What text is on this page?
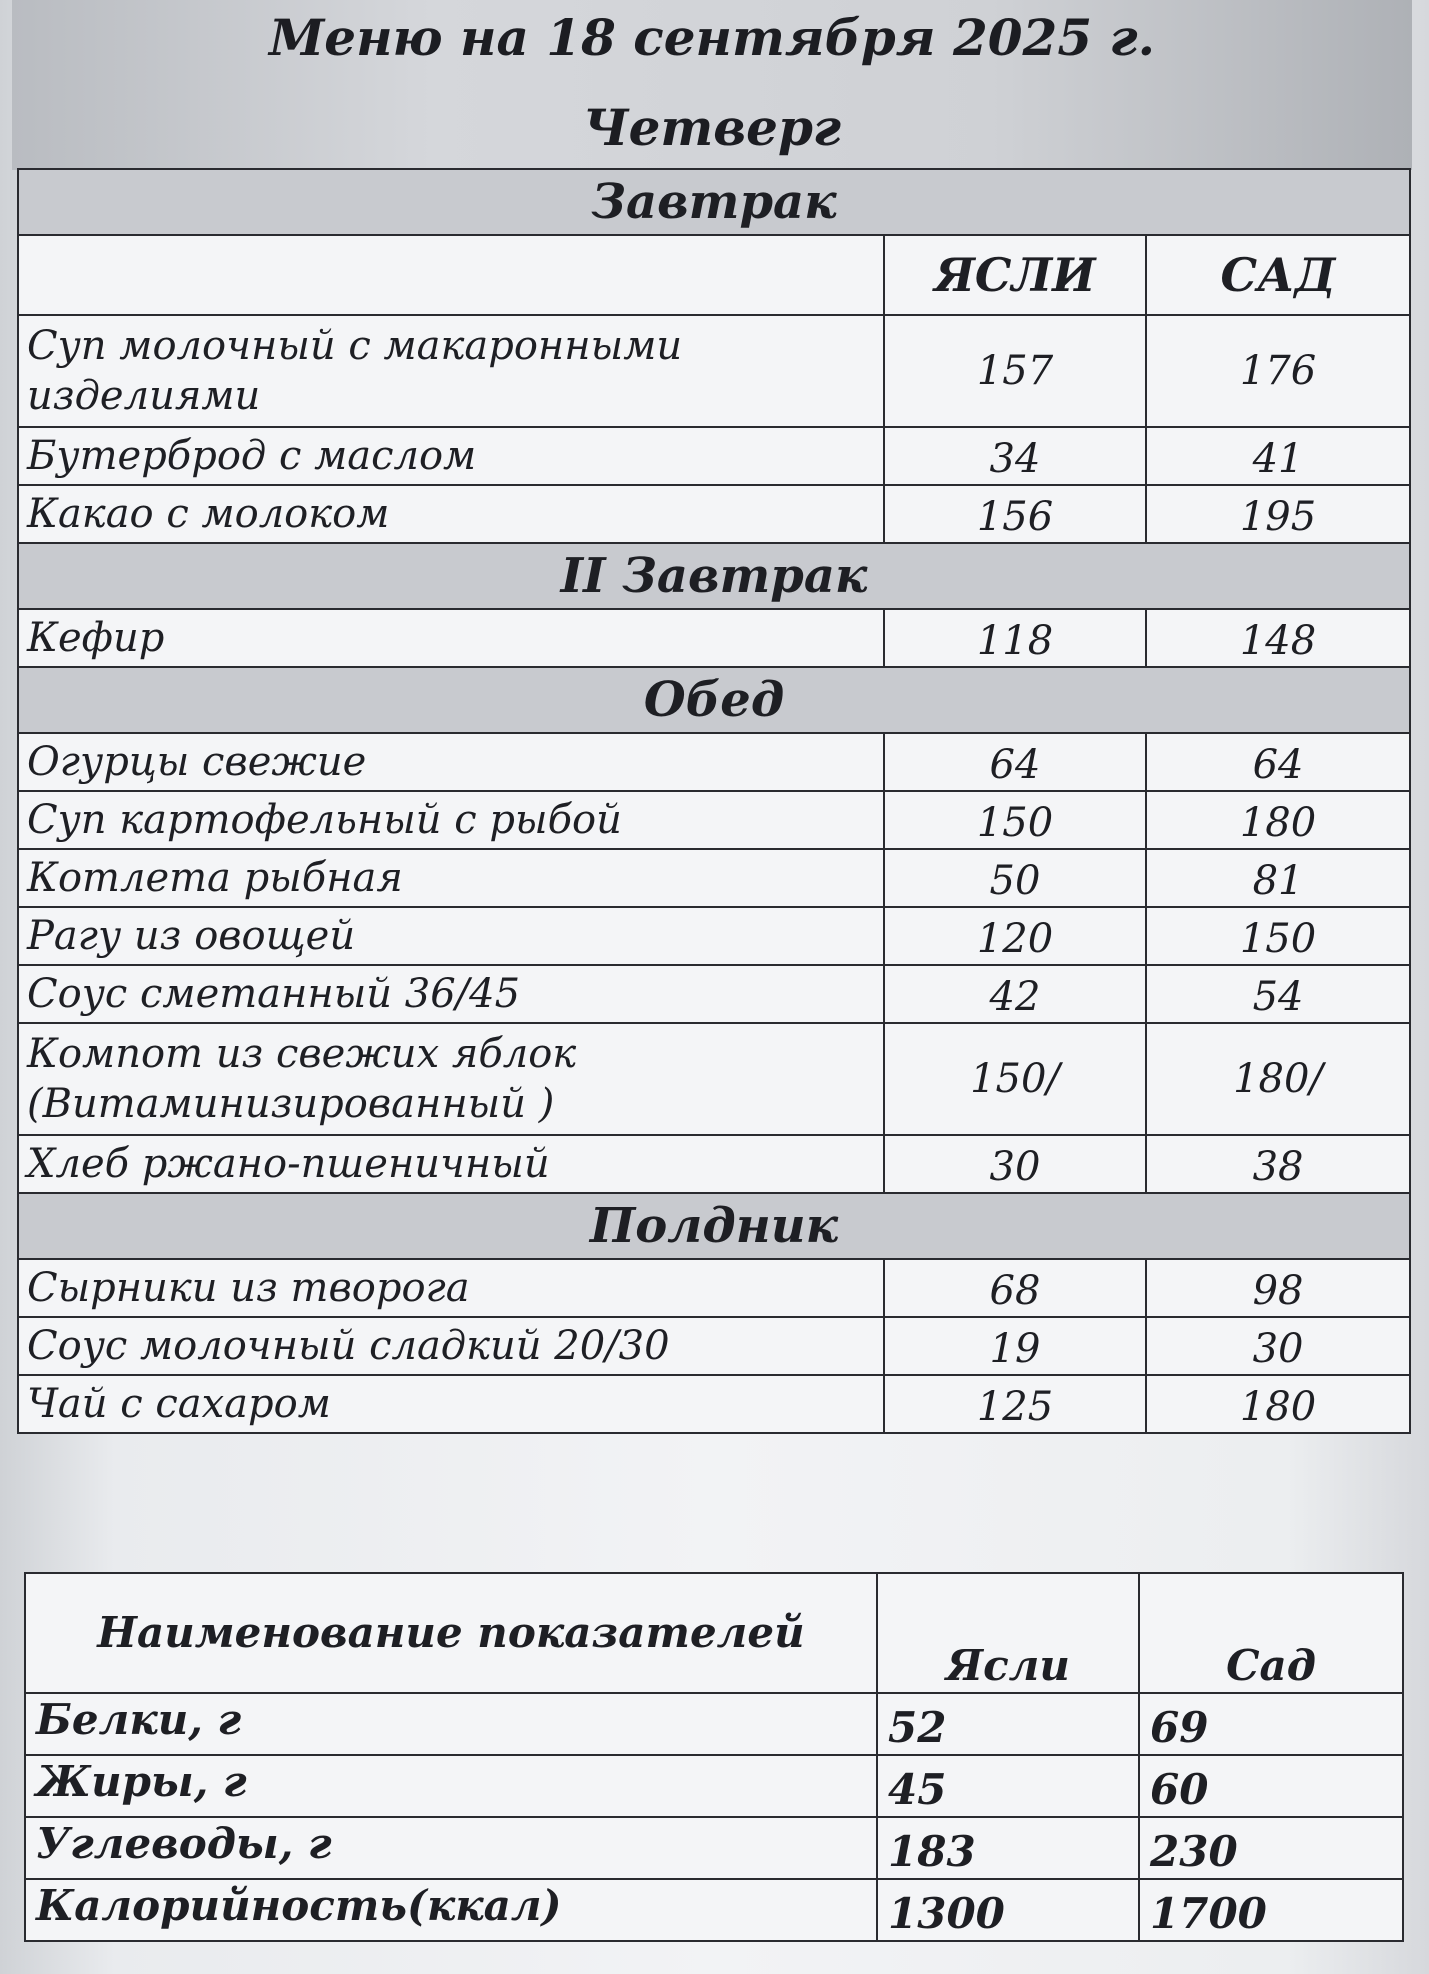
Меню на 18 сентября 2025 г.
Четверг
Завтрак		
	ЯСЛИ	САД
Суп молочный с макаронными изделиями	157	176
Бутерброд с маслом	34	41
Какао с молоком	156	195
II Завтрак		
Кефир	118	148
Обед		
Огурцы свежие	64	64
Суп картофельный с рыбой	150	180
Котлета рыбная	50	81
Рагу из овощей	120	150
Соус сметанный 36/45	42	54
Компот из свежих яблок (Витаминизированный )	150/	180/
Хлеб ржано-пшеничный	30	38
Полдник		
Сырники из творога	68	98
Соус молочный сладкий 20/30	19	30
Чай с сахаром	125	180
Наименование показателей	Ясли	Сад
Белки, г	52	69
Жиры, г	45	60
Углеводы, г	183	230
Калорийность(ккал)	1300	1700
